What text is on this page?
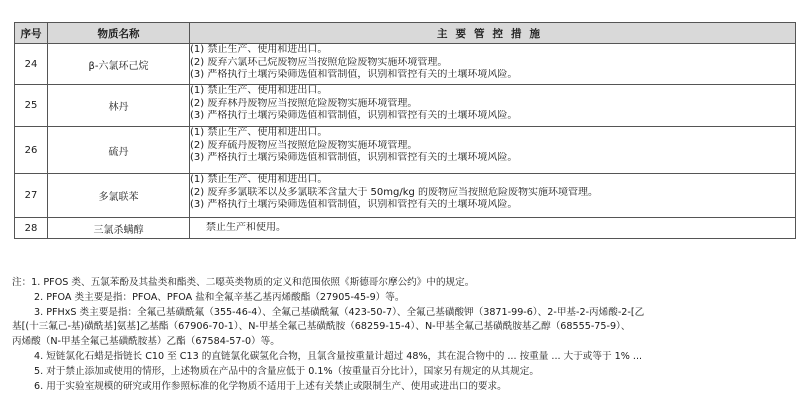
序号	物质名称	主要管控措施
24	β-六氯环己烷	(1) 禁止生产、使用和进出口。
(2) 废弃六氯环己烷废物应当按照危险废物实施环境管理。
(3) 严格执行土壤污染筛选值和管制值，识别和管控有关的土壤环境风险。

25	林丹	(1) 禁止生产、使用和进出口。
(2) 废弃林丹废物应当按照危险废物实施环境管理。
(3) 严格执行土壤污染筛选值和管制值，识别和管控有关的土壤环境风险。

26	硫丹	(1) 禁止生产、使用和进出口。
(2) 废弃硫丹废物应当按照危险废物实施环境管理。
(3) 严格执行土壤污染筛选值和管制值，识别和管控有关的土壤环境风险。

27	多氯联苯	(1) 禁止生产、使用和进出口。
(2) 废弃多氯联苯以及多氯联苯含量大于 50mg/kg 的废物应当按照危险废物实施环境管理。
(3) 严格执行土壤污染筛选值和管制值，识别和管控有关的土壤环境风险。

28	三氯杀螨醇	禁止生产和使用。
注：1. PFOS 类、五氯苯酚及其盐类和酯类、二噁英类物质的定义和范围依照《斯德哥尔摩公约》中的规定。
2. PFOA 类主要是指：PFOA、PFOA 盐和全氟辛基乙基丙烯酸酯（27905-45-9）等。
3. PFHxS 类主要是指：全氟己基磺酰氟（355-46-4）、全氟己基磺酰氟（423-50-7）、全氟己基磺酸钾（3871-99-6）、2-甲基-2-丙烯酸-2-[乙
基[(十三氟己-基)磺酰基]氨基]乙基酯（67906-70-1）、N-甲基全氟己基磺酰胺（68259-15-4）、N-甲基全氟己基磺酰胺基乙醇（68555-75-9）、
丙烯酸（N-甲基全氟己基磺酰胺基）乙酯（67584-57-0）等。
4. 短链氯化石蜡是指链长 C10 至 C13 的直链氯化碳氢化合物，且氯含量按重量计超过 48%，其在混合物中的 ... 按重量 ... 大于或等于 1% ...
5. 对于禁止添加或使用的情形，上述物质在产品中的含量应低于 0.1%（按重量百分比计），国家另有规定的从其规定。
6. 用于实验室规模的研究或用作参照标准的化学物质不适用于上述有关禁止或限制生产、使用或进出口的要求。
